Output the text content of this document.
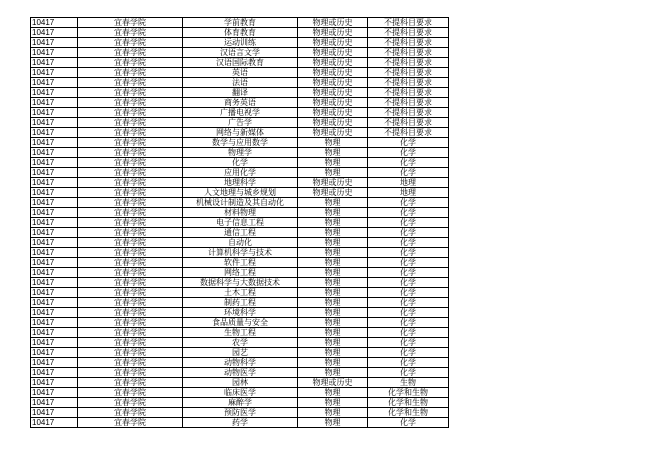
10417	宜春学院	学前教育	物理或历史	不提科目要求
10417	宜春学院	体育教育	物理或历史	不提科目要求
10417	宜春学院	运动训练	物理或历史	不提科目要求
10417	宜春学院	汉语言文学	物理或历史	不提科目要求
10417	宜春学院	汉语国际教育	物理或历史	不提科目要求
10417	宜春学院	英语	物理或历史	不提科目要求
10417	宜春学院	法语	物理或历史	不提科目要求
10417	宜春学院	翻译	物理或历史	不提科目要求
10417	宜春学院	商务英语	物理或历史	不提科目要求
10417	宜春学院	广播电视学	物理或历史	不提科目要求
10417	宜春学院	广告学	物理或历史	不提科目要求
10417	宜春学院	网络与新媒体	物理或历史	不提科目要求
10417	宜春学院	数学与应用数学	物理	化学
10417	宜春学院	物理学	物理	化学
10417	宜春学院	化学	物理	化学
10417	宜春学院	应用化学	物理	化学
10417	宜春学院	地理科学	物理或历史	地理
10417	宜春学院	人文地理与城乡规划	物理或历史	地理
10417	宜春学院	机械设计制造及其自动化	物理	化学
10417	宜春学院	材料物理	物理	化学
10417	宜春学院	电子信息工程	物理	化学
10417	宜春学院	通信工程	物理	化学
10417	宜春学院	自动化	物理	化学
10417	宜春学院	计算机科学与技术	物理	化学
10417	宜春学院	软件工程	物理	化学
10417	宜春学院	网络工程	物理	化学
10417	宜春学院	数据科学与大数据技术	物理	化学
10417	宜春学院	土木工程	物理	化学
10417	宜春学院	制药工程	物理	化学
10417	宜春学院	环境科学	物理	化学
10417	宜春学院	食品质量与安全	物理	化学
10417	宜春学院	生物工程	物理	化学
10417	宜春学院	农学	物理	化学
10417	宜春学院	园艺	物理	化学
10417	宜春学院	动物科学	物理	化学
10417	宜春学院	动物医学	物理	化学
10417	宜春学院	园林	物理或历史	生物
10417	宜春学院	临床医学	物理	化学和生物
10417	宜春学院	麻醉学	物理	化学和生物
10417	宜春学院	预防医学	物理	化学和生物
10417	宜春学院	药学	物理	化学
